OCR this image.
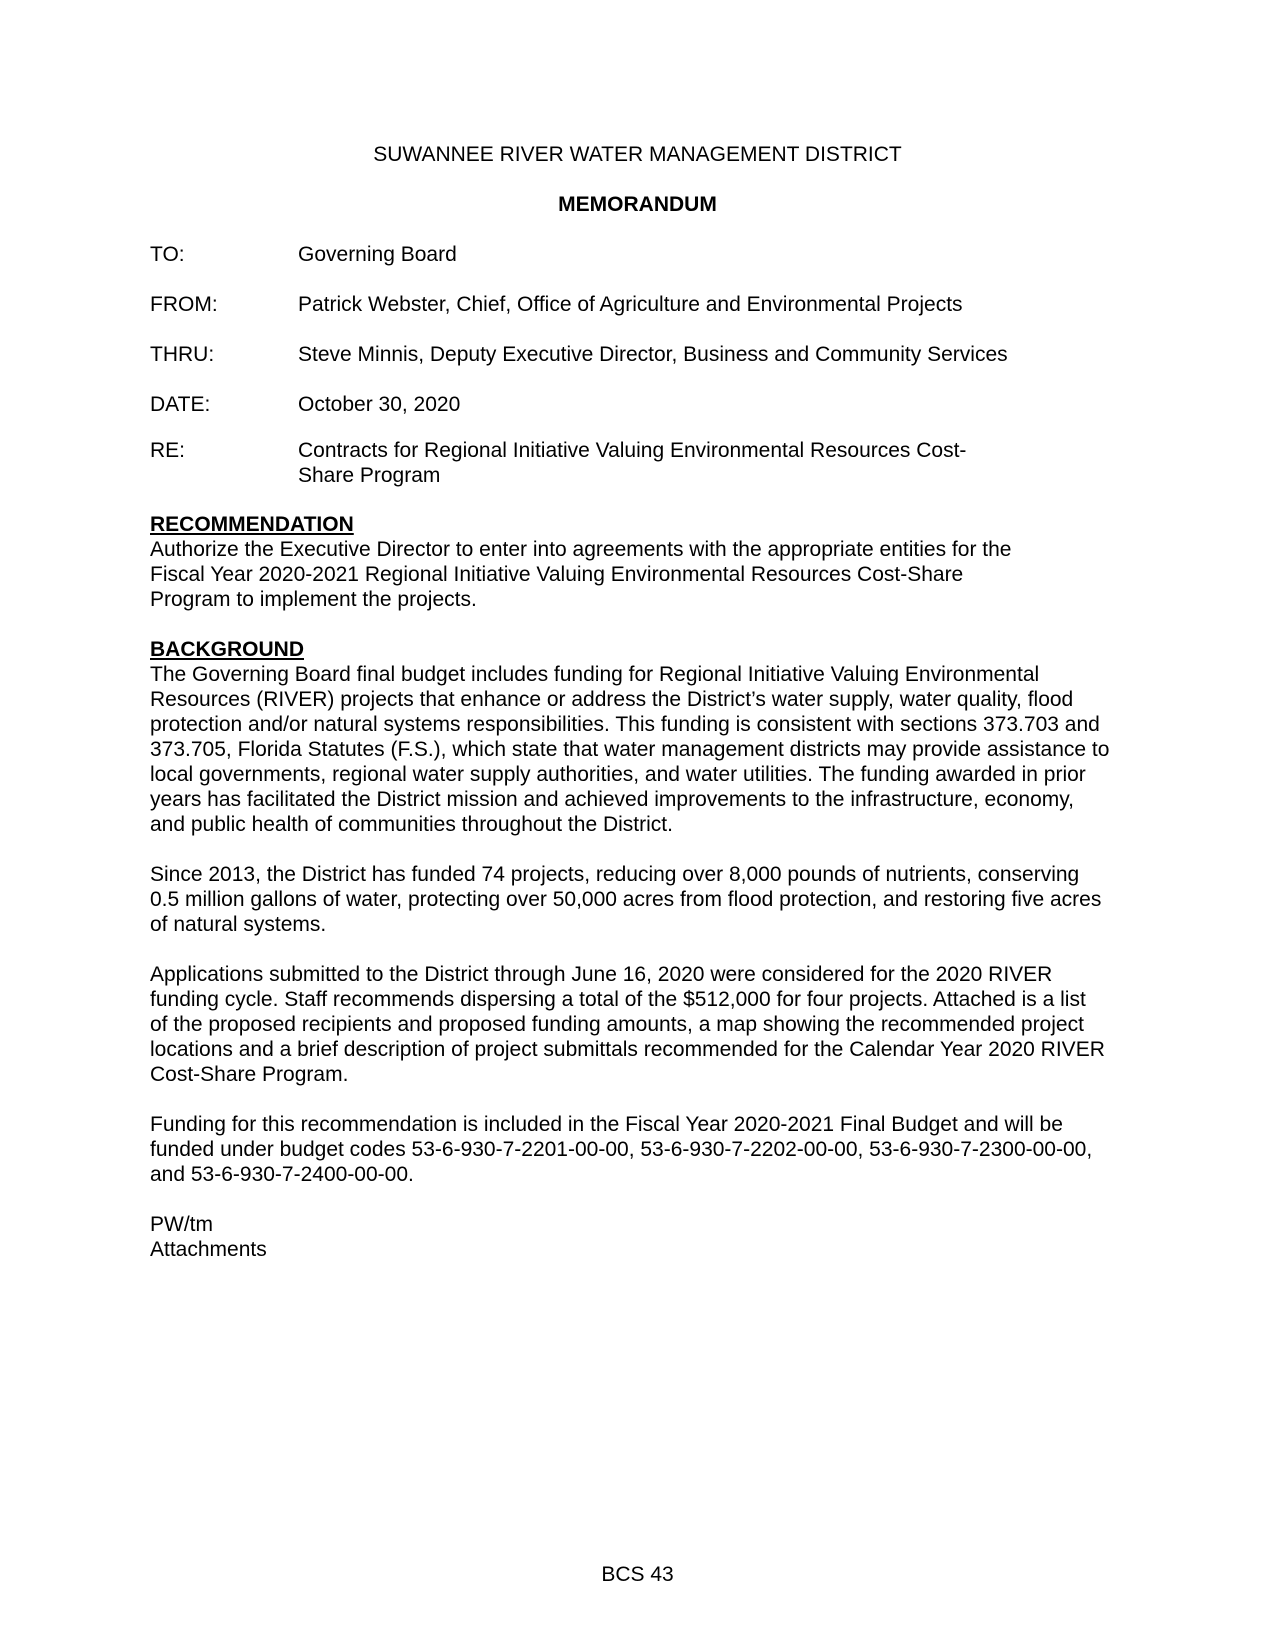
SUWANNEE RIVER WATER MANAGEMENT DISTRICT
MEMORANDUM
TO:	Governing Board
FROM:	Patrick Webster, Chief, Office of Agriculture and Environmental Projects
THRU:	Steve Minnis, Deputy Executive Director, Business and Community Services
DATE:	October 30, 2020
RE:	Contracts for Regional Initiative Valuing Environmental Resources Cost-
Share Program

RECOMMENDATION

Authorize the Executive Director to enter into agreements with the appropriate entities for the

Fiscal Year 2020-2021 Regional Initiative Valuing Environmental Resources Cost-Share

Program to implement the projects.

BACKGROUND

The Governing Board final budget includes funding for Regional Initiative Valuing Environmental

Resources (RIVER) projects that enhance or address the District’s water supply, water quality, flood

protection and/or natural systems responsibilities. This funding is consistent with sections 373.703 and

373.705, Florida Statutes (F.S.), which state that water management districts may provide assistance to

local governments, regional water supply authorities, and water utilities. The funding awarded in prior

years has facilitated the District mission and achieved improvements to the infrastructure, economy,

and public health of communities throughout the District.

Since 2013, the District has funded 74 projects, reducing over 8,000 pounds of nutrients, conserving

0.5 million gallons of water, protecting over 50,000 acres from flood protection, and restoring five acres

of natural systems.

Applications submitted to the District through June 16, 2020 were considered for the 2020 RIVER

funding cycle. Staff recommends dispersing a total of the $512,000 for four projects. Attached is a list

of the proposed recipients and proposed funding amounts, a map showing the recommended project

locations and a brief description of project submittals recommended for the Calendar Year 2020 RIVER

Cost-Share Program.

Funding for this recommendation is included in the Fiscal Year 2020-2021 Final Budget and will be

funded under budget codes 53-6-930-7-2201-00-00, 53-6-930-7-2202-00-00, 53-6-930-7-2300-00-00,

and 53-6-930-7-2400-00-00.

PW/tm

Attachments

BCS 43
